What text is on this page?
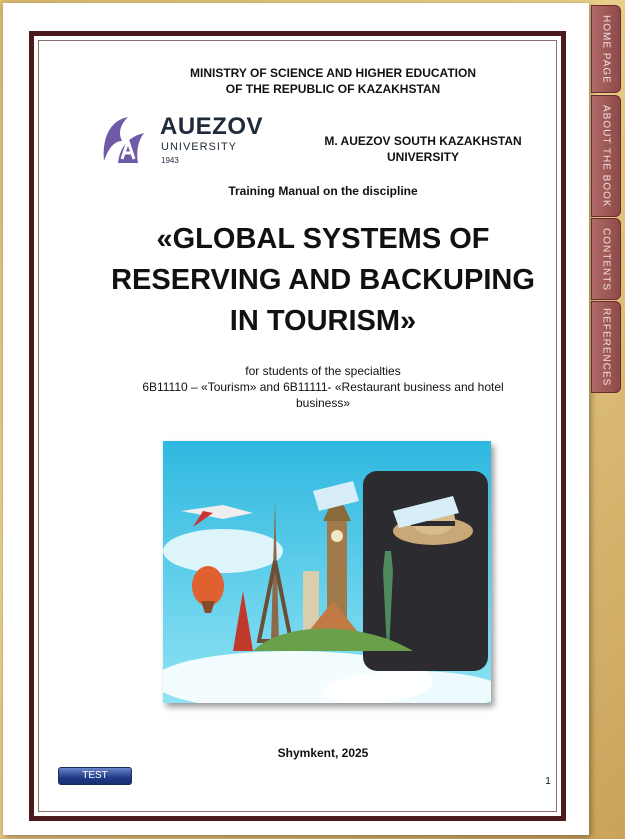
MINISTRY OF SCIENCE AND HIGHER EDUCATION
OF THE REPUBLIC OF KAZAKHSTAN
AUEZOV
UNIVERSITY
1943
M. AUEZOV SOUTH KAZAKHSTAN
UNIVERSITY
Training Manual on the discipline
«GLOBAL SYSTEMS OF
RESERVING AND BACKUPING
IN TOURISM»
for students of the specialties
6B11110 – «Tourism» and 6B11111- «Restaurant business and hotel
business»
Shymkent, 2025
1
TEST
HOME PAGE
ABOUT THE BOOK
CONTENTS
REFERENCES
